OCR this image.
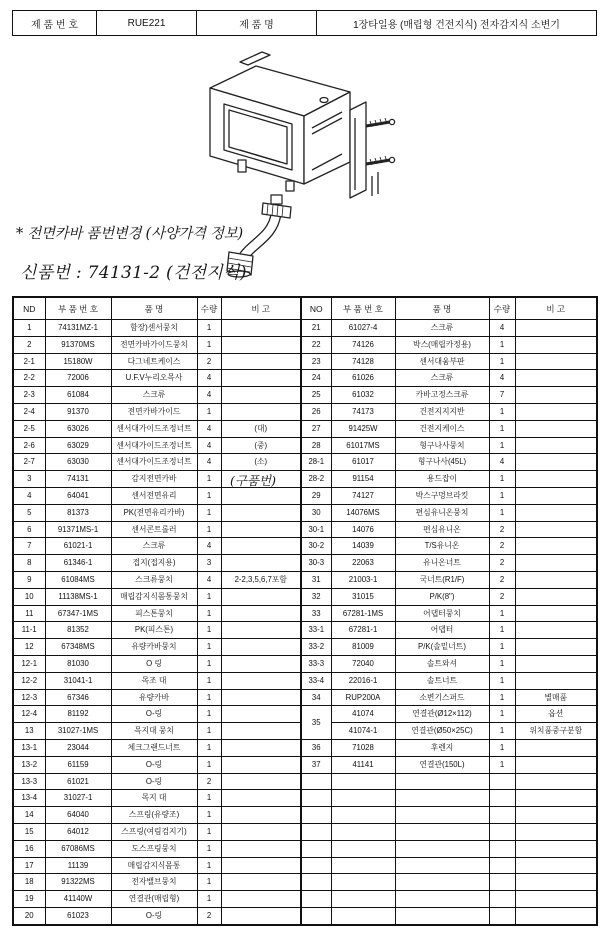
제 품 번 호	RUE221	제 품 명	1장타일용 (매립형 건전지식) 전자감지식 소변기
* 전면카바 품번변경 (사양가격 정보)
신품번 : 74131-2 (건전지식)
ND	부 품 번 호	품 명	수량	비 고	NO	부 품 번 호	품 명	수량	비 고
1	74131MZ-1	함장)센서뭉치	1		21	61027-4	스크류	4	
2	91370MS	전면카바가이드뭉치	1		22	74126	박스(매립카정용)	1	
2-1	15180W	다그네트케이스	2		23	74128	센서대움부판	1	
2-2	72006	U.F.V누리오목사	4		24	61026	스크류	4	
2-3	61084	스크류	4		25	61032	카바고정스크류	7	
2-4	91370	전면카바가이드	1		26	74173	건전지지지반	1	
2-5	63026	센서대가이드조정너트	4	(대)	27	91425W	건전지케이스	1	
2-6	63029	센서대가이드조정너트	4	(중)	28	61017MS	형구나사뭉치	1	
2-7	63030	센서대가이드조정너트	4	(소)	28-1	61017	형구나사(45L)	4	
3	74131	감지전면카바	1		28-2	91154	용드잡이	1	
4	64041	센서전면유리	1		29	74127	박스구멍브라킷	1	
5	81373	PK(전면유리카바)	1		30	14076MS	편심유니온뭉치	1	
6	91371MS-1	센서콘트롤러	1		30-1	14076	편심유니온	2	
7	61021-1	스크류	4		30-2	14039	T/S유니온	2	
8	61346-1	접지(접지용)	3		30-3	22063	유니온너트	2	
9	61084MS	스크류뭉치	4	2-2,3,5,6,7포함	31	21003-1	국너트(R1/F)	2	
10	11138MS-1	매립감지식몸통뭉치	1		32	31015	P/K(8")	2	
11	67347-1MS	피스톤뭉치	1		33	67281-1MS	어댑터뭉치	1	
11-1	81352	PK(피스톤)	1		33-1	67281-1	어댑터	1	
12	67348MS	유량카바뭉치	1		33-2	81009	P/K(솔밑너트)	1	
12-1	81030	O 링	1		33-3	72040	솔트와셔	1	
12-2	31041-1	목조 대	1		33-4	22016-1	솔트너트	1	
12-3	67346	유량카바	1		34	RUP200A	소변기스퍼드	1	별매품
12-4	81192	O-링	1		35	41074	연결관(Ø12×112)	1	옵션
13	31027-1MS	목지대 뭉치	1			41074-1	연결관(Ø50×25C)	1	위치품중구분함
13-1	23044	체크그랜드너트	1		36	71028	후렌지	1	
13-2	61159	O-링	1		37	41141	연결관(150L)	1	
13-3	61021	O-링	2						
13-4	31027-1	목지 대	1						
14	64040	스프링(유량조)	1						
15	64012	스프링(여림검지기)	1						
16	67086MS	도스프링뭉치	1						
17	11139	매립감지식몸통	1						
18	91322MS	전자밸브뭉치	1						
19	41140W	연결관(매립형)	1						
20	61023	O-링	2						
(구품번)
